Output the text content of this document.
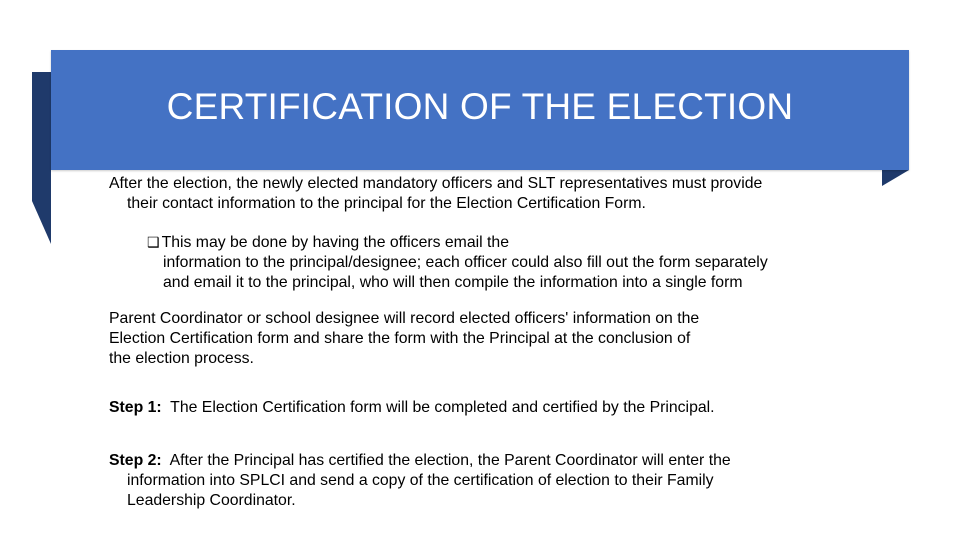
CERTIFICATION OF THE ELECTION
After the election, the newly elected mandatory officers and SLT representatives must provide
their contact information to the principal for the Election Certification Form.
❑ This may be done by having the officers email the
information to the principal/designee; each officer could also fill out the form separately
and email it to the principal, who will then compile the information into a single form
Parent Coordinator or school designee will record elected officers' information on the
Election Certification form and share the form with the Principal at the conclusion of
the election process.
Step 1: The Election Certification form will be completed and certified by the Principal.
Step 2: After the Principal has certified the election, the Parent Coordinator will enter the
information into SPLCI and send a copy of the certification of election to their Family
Leadership Coordinator.
